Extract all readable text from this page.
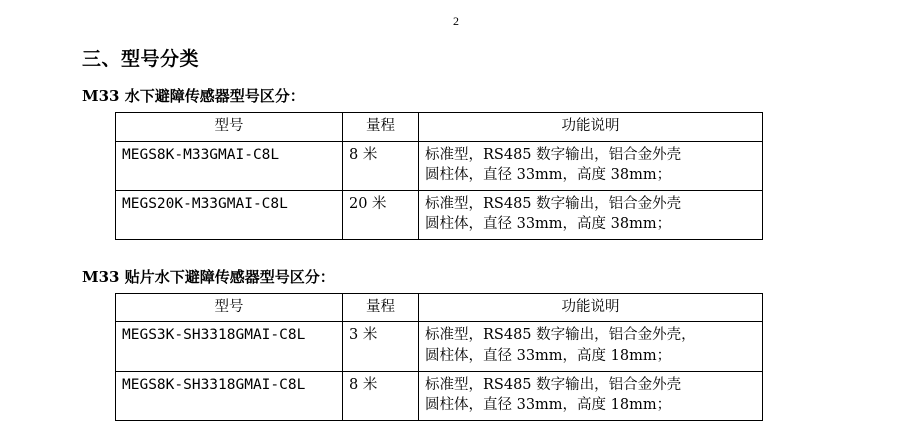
2
三、型号分类

M33 水下避障传感器型号区分：

型号	量程	功能说明
MEGS8K-M33GMAI-C8L	8 米	标准型，RS485 数字输出，铝合金外壳
圆柱体，直径 33mm，高度 38mm；

MEGS20K-M33GMAI-C8L	20 米	标准型，RS485 数字输出，铝合金外壳
圆柱体，直径 33mm，高度 38mm；

M33 贴片水下避障传感器型号区分：

型号	量程	功能说明
MEGS3K-SH3318GMAI-C8L	3 米	标准型，RS485 数字输出，铝合金外壳，
圆柱体，直径 33mm，高度 18mm；

MEGS8K-SH3318GMAI-C8L	8 米	标准型，RS485 数字输出，铝合金外壳
圆柱体，直径 33mm，高度 18mm；
